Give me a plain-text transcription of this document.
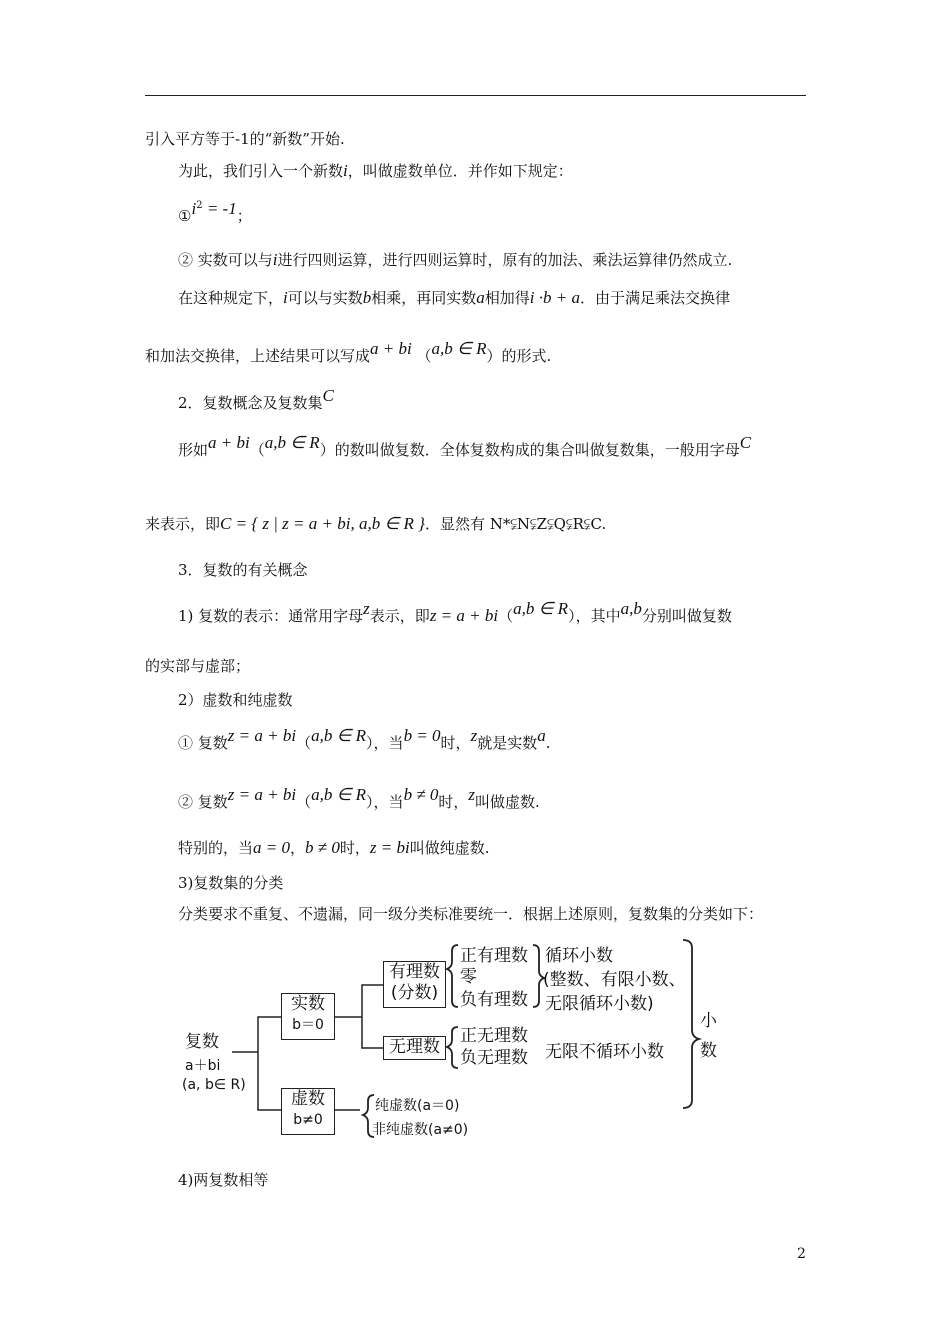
引入平方等于-1的“新数”开始.
为此，我们引入一个新数i，叫做虚数单位．并作如下规定：
$①i^2 = -1$；
② 实数可以与i进行四则运算，进行四则运算时，原有的加法、乘法运算律仍然成立.
在这种规定下，i可以与实数b相乘，再同实数a相加得i ·b + a．由于满足乘法交换律
和加法交换律，上述结果可以写成a + bi （a,b ∈ R）的形式.
2．复数概念及复数集C
形如a + bi（a,b ∈ R）的数叫做复数．全体复数构成的集合叫做复数集，一般用字母C
来表示，即C = { z | z = a + bi, a,b ∈ R }．显然有 N*⫋N⫋Z⫋Q⫋R⫋C.
3．复数的有关概念
1) 复数的表示：通常用字母z表示，即z = a + bi（a,b ∈ R），其中a,b分别叫做复数
的实部与虚部；
2）虚数和纯虚数
① 复数z = a + bi（a,b ∈ R），当b = 0时，z就是实数a.
② 复数z = a + bi（a,b ∈ R），当b ≠ 0时，z叫做虚数.
特别的，当a = 0，b ≠ 0时，z = bi叫做纯虚数.
3)复数集的分类
分类要求不重复、不遗漏，同一级分类标准要统一．根据上述原则，复数集的分类如下：
复数
a＋bi
(a, b∈ R)
实数
b＝0
虚数
b≠0
有理数
(分数)
无理数
正有理数
零
负有理数
正无理数
负无理数
循环小数
(整数、有限小数、
无限循环小数)
无限不循环小数
小
数
纯虚数(a＝0)
非纯虚数(a≠0)
4)两复数相等
2
